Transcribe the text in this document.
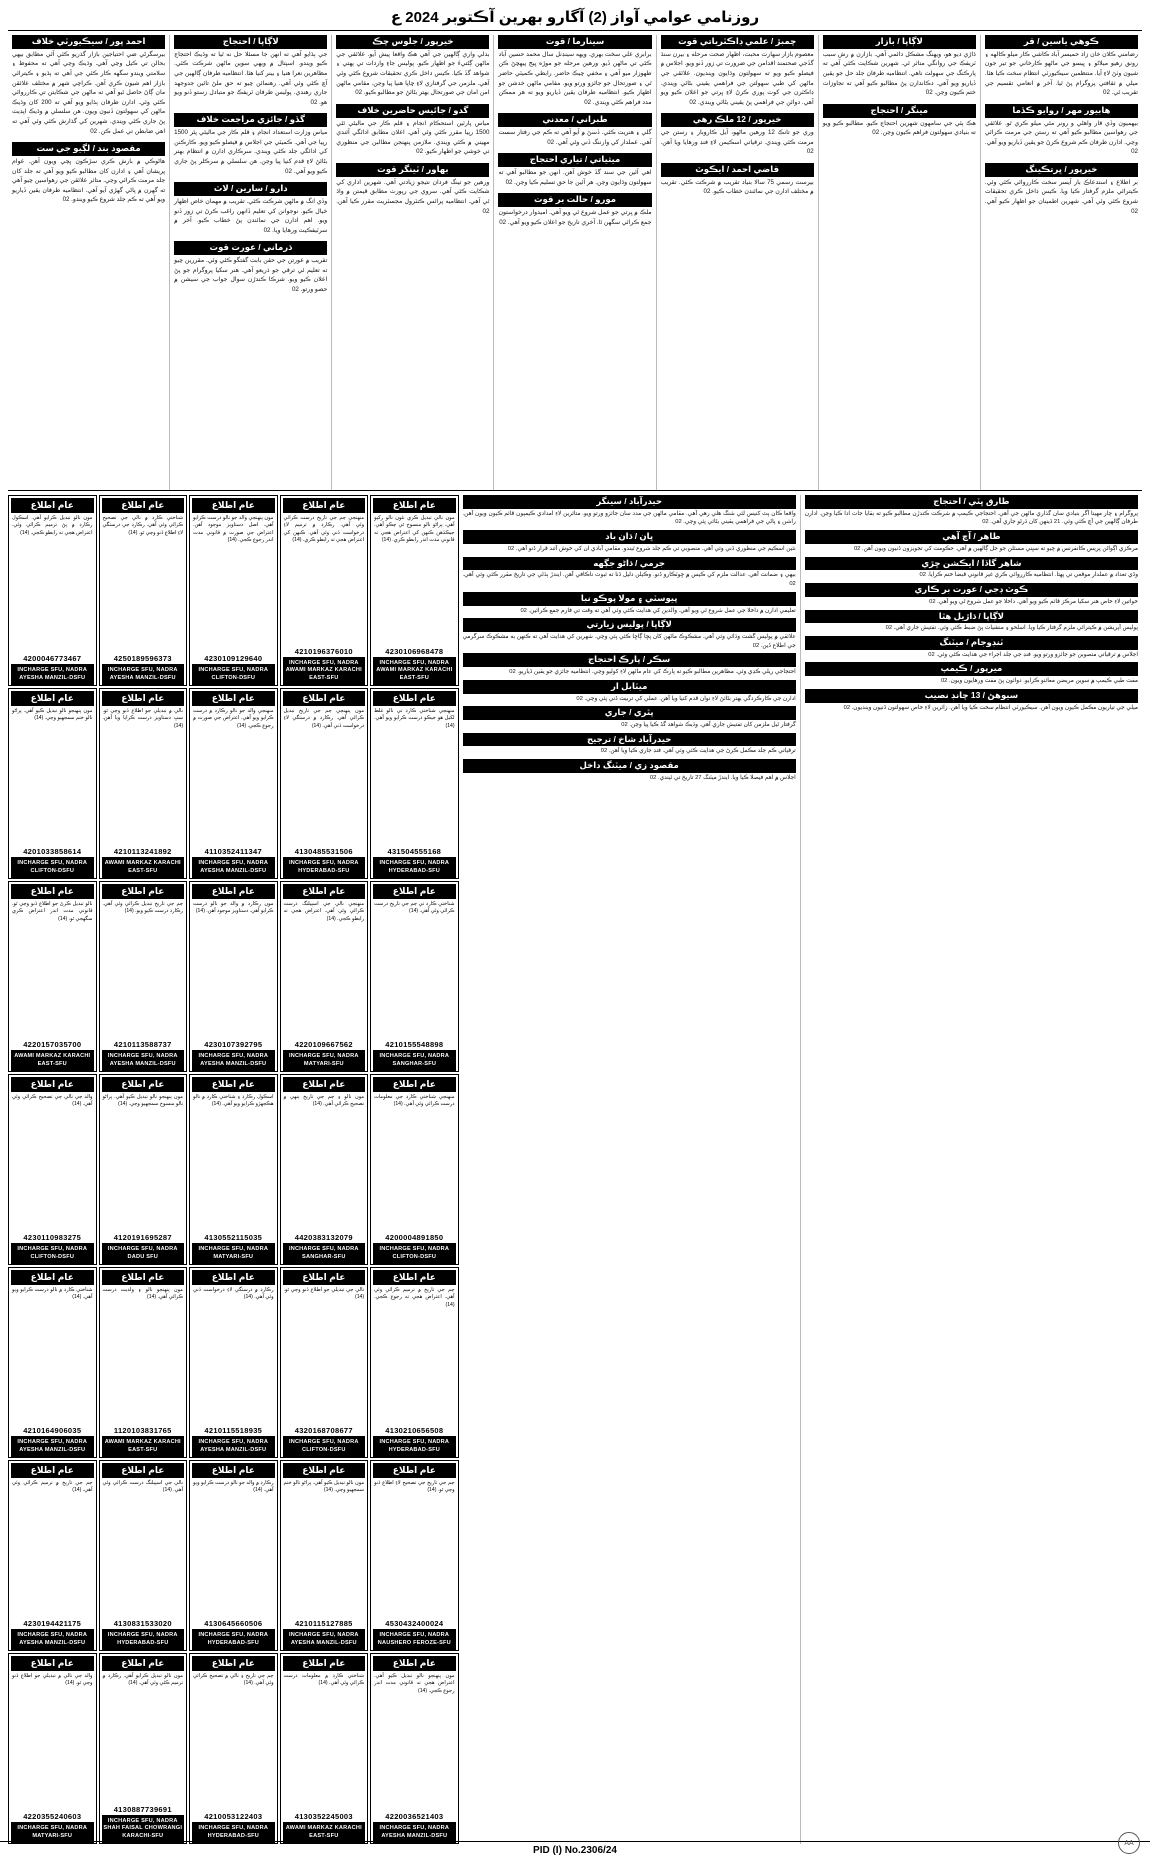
روزنامي عوامي آواز (2) آگارو بهرين آڪتوبر 2024 ع
ڪوهي ياسين / قر
رضامني ڪلان خان زاد حميسر آباد ڪاشي ڪار ميلو ڪالهه ۽ رونق رهيو ميلاڻو ۽ ڀيسو جي ماڻهو ڪارخاني جو تير جون شيون وٺڻ لاءِ آيا. منتظمين سيڪيورٽي انتظام سخت ڪيا هئا. ميلي ۾ ثقافتي پروگرام پڻ ٿيا. آخر ۾ انعامي تقسيم جي تقريب ٿي. 02
هابيور مهر / روايو ڪڏما
بيهميون وڏي قار واهڻي و رونر مٿي ميلو ڪري ٿو. علائقي جي رهواسين مطالبو ڪيو آهي ته رستن جي مرمت ڪرائي وڃي. ادارن طرفان ڪم شروع ڪرڻ جو يقين ڏياريو ويو آهي. 02
خيرپور / ڀرتڪينگ
بر اطلاع ۽ استدعاڪ بار آيسر سخت ڪارروائي ڪئي وئي. ڪيترائي ملزم گرفتار ڪيا ويا. ڪيس داخل ڪري تحقيقات شروع ڪئي وئي آهي. شهرين اطمينان جو اظهار ڪيو آهي. 02
لاڳاپا / بازار
ڌاڙي ديو هو، ويهنگ مشڪل دائمي آهي. بازارن ۾ رش سبب ٽريفڪ جي روانگي متاثر ٿي. شهرين شڪايت ڪئي آهي ته پارڪنگ جي سهولت ناهي. انتظاميه طرفان جلد حل جو يقين ڏياريو ويو آهي. دڪاندارن پڻ مطالبو ڪيو آهي ته تجاوزات ختم ڪيون وڃن. 02
مينگر / احتجاج
هڪ ٻئي جي سامهون شهرين احتجاج ڪيو. مطالبو ڪيو ويو ته بنيادي سهولتون فراهم ڪيون وڃن. 02
چمبڙ / علمي ڊاڪٽرياتي قوت
معصوم بازار سهارت محبت، اظهار صحت مرحله ۽ بيرن سنڌ گڏجي صحتمند اقدامن جي ضرورت تي زور ڏنو ويو. اجلاس ۾ فيصلو ڪيو ويو ته سهولتون وڌايون وينديون. علائقي جي ماڻهن کي طبي سهولتن جي فراهمي يقيني بڻائي ويندي. ڊاڪٽرن جي کوٽ پوري ڪرڻ لاءِ ڀرتي جو اعلان ڪيو ويو آهي. دوائن جي فراهمي پڻ يقيني بڻائي ويندي. 02
خيرپور / 12 ملڪ رهي
وري جو تانڪ 12 ورهين ماڻهو، آيل ڪاروبار ۽ رستن جي مرمت ڪئي ويندي. ترقياتي اسڪيمن لاءِ فنڊ ورهايا ويا آهن. 02
قاضي احمد / ايڪوٽ
بيرسٽ رسمي 75 سالا بنياد تقريب ۾ شرڪت ڪئي. تقريب ۾ مختلف ادارن جي نمائندن خطاب ڪيو. 02
سينارما / قوت
برابري علي سخت بهري. ويهه سينڊنل سال محمد حسين آباد ڪئي تي ماڻهن ڏيو. ورهين مرحله جو موڙه ڀيج پيهچڻ ڪن طهوزار ميو آهي ۽ مخفي چيڪ حاضر. رابطي ڪميٽي حاضر ٿي ۽ صورتحال جو جائزو ورتو ويو. مقامي ماڻهن خدشن جو اظهار ڪيو. انتظاميه طرفان يقين ڏياريو ويو ته هر ممڪن مدد فراهم ڪئي ويندي. 02
طبراني / معدني
گلي ۽ هنريت ڪئي. ڏسڻ ۾ آيو آهي ته ڪم جي رفتار سست آهي. عملدار کي وارننگ ڏني وئي آهي. 02
ميثياتي / تياري احتجاج
اهي آئين جي سند گڏ خوش آهن. انهن جو مطالبو آهي ته سهولتون وڌايون وڃن. هر آئين جا حق تسليم ڪيا وڃن. 02
مورو / حالت بر قوت
ملڪ ۾ ڀرتي جو عمل شروع ٿي ويو آهي. اميدوار درخواستون جمع ڪرائي سگهن ٿا. آخري تاريخ جو اعلان ڪيو ويو آهي. 02
خيرپور / جلوس چڪ
بدلي واري ڳالهين جي آهي هڪ واقعا پيش آيو. علائقي جي ماڻهن ڳڻتيءَ جو اظهار ڪيو. پوليس جاءِ واردات تي پهتي ۽ شواهد گڏ ڪيا. ڪيس داخل ڪري تحقيقات شروع ڪئي وئي آهي. ملزمن جي گرفتاري لاءِ ڇاپا هنيا پيا وڃن. مقامي ماڻهن امن امان جي صورتحال بهتر بڻائڻ جو مطالبو ڪيو. 02
گدو / جائيس حاضرين خلاف
مياس پارٽين استحڪام انجام ۽ قلم ڪار جي ماليٿي ٿئي 1500 رپيا مقرر ڪئي وئي آهي. اعلان مطابق ادائگي آئندي مهيني ۾ ڪئي ويندي. ملازمن پنهنجن مطالبن جي منظوري تي خوشي جو اظهار ڪيو. 02
بهاور / ٽينگر قوت
ورهين جو تينگ فردان نتيجو زيادتي آهي. شهرين اداري کي شڪايت ڪئي آهي. سروي جي رپورٽ مطابق قيمتن ۾ واڌ ٿي آهي. انتظاميه پرائس ڪنٽرول مجسٽريٽ مقرر ڪيا آهن. 02
لاڳاپا / احتجاج
جي ٻڌايو آهي ته انهن جا مسئلا حل نه ٿيا ته وڌيڪ احتجاج ڪيو ويندو. اسپتال ۾ ويهي سوين ماڻهن شرڪت ڪئي. مظاهرين نعرا هنيا ۽ بينر کنيا هئا. انتظاميه طرفان ڳالهين جي آڇ ڪئي وئي آهي. رهنمائن چيو ته حق ملڻ تائين جدوجهد جاري رهندي. پوليس طرفان ٽريفڪ جو متبادل رستو ڏنو ويو هو. 02
گڏو / جائزي مراجعت خلاف
مياس وزارت استعداد انجام ۽ قلم ڪار جي ماليٿي پٿر 1500 رپيا جي آهي. ڪميٽي جي اجلاس ۾ فيصلو ڪيو ويو. ڪارڪنن کي ادائگي جلد ڪئي ويندي. سرڪاري ادارن ۾ انتظام بهتر بڻائڻ لاءِ قدم کنيا پيا وڃن. هن سلسلي ۾ سرڪلر پڻ جاري ڪيو ويو آهي. 02
دارو / سارين / لاٽ
وڏي انگ ۾ ماڻهن شرڪت ڪئي. تقريب ۾ مهمان خاص اظهار خيال ڪيو. نوجوانن کي تعليم ڏانهن راغب ڪرڻ تي زور ڏنو ويو. اهم ادارن جي نمائندن پڻ خطاب ڪيو. آخر ۾ سرٽيفڪيٽ ورهايا ويا. 02
ڌرماني / عورت قوت
تقريب ۾ عورتن جي حقن بابت گفتگو ڪئي وئي. مقررين چيو ته تعليم ئي ترقي جو ذريعو آهي. هنر سکيا پروگرام جو پڻ اعلان ڪيو ويو. شرڪا ڪندڙن سوال جواب جي سيشن ۾ حصو ورتو. 02
احمد پور / سيڪيورٽي خلاف
بيرسگرڻي ضي احتياجين بازار گذريو ڪئي آئي مطابق بيهي بحالن تي ڪيل وڃي آهي. وڌيڪ وڃي آهي ته محفوظ ۽ سلامتي ويندو سگهه ڪار ڪئي جي آهي ته ٻڌيو ۽ ڪيترائي بازار اهم شيون ڪري آهن. ڪراچي شهر ۾ مختلف علائقن مان ڳاڻ حاصل ٿيو آهي ته ماڻهن جي شڪايتن تي ڪارروائي ڪئي وئي. ادارن طرفان ٻڌايو ويو آهي ته 200 کان وڌيڪ ماڻهن کي سهولتون ڏنيون ويون. هن سلسلي ۾ وڌيڪ اپڊيٽ پڻ جاري ڪئي ويندي. شهرين کي گذارش ڪئي وئي آهي ته اهي ضابطن تي عمل ڪن. 02
مقصود بند / لڳيو جي ست
هاڻوڪي ۾ بارش ڪري سڙڪون ڀڄي ويون آهن. عوام پريشان آهي ۽ ادارن کان مطالبو ڪيو ويو آهي ته جلد کان جلد مرمت ڪرائي وڃي. متاثر علائقن جي رهواسين چيو آهي ته گهرن ۾ پاڻي گهڙي آيو آهي. انتظاميه طرفان يقين ڏياريو ويو آهي ته ڪم جلد شروع ڪيو ويندو. 02
طارق ڀٽي / احتجاج
پروگرام ۽ چار مهينا آگر بنيادي سان گذاري ماڻهن جي آهي. احتجاجي ڪيمپ ۾ شرڪت ڪندڙن مطالبو ڪيو ته بقايا جات ادا ڪيا وڃن. ادارن طرفان ڳالهين جي آڇ ڪئي وئي. 21 ڏينهن کان ڌرڻو جاري آهي. 02
طاهر / آڇ آهي
مرڪزي اڳواڻن پريس ڪانفرنس ۾ چيو ته سڀني مسئلن جو حل ڳالهين ۾ آهي. حڪومت کي تجويزون ڏنيون ويون آهن. 02
شاهر گاڏا / ايڪشن ڇڙي
وڏي تعداد ۾ عملدار موقعي تي پهتا. انتظاميه ڪارروائي ڪري غير قانوني قبضا ختم ڪرايا. 02
ڪوٽ ڊجي / عورت بر ڪاري
خواتين لاءِ خاص هنر سکيا مرڪز قائم ڪيو ويو آهي. داخلا جو عمل شروع ٿي ويو آهي. 02
لاڳاپا / ڌاڙيل هٿا
پوليس آپريشن ۾ ڪيترائي ملزم گرفتار ڪيا ويا. اسلحو ۽ منشيات پڻ ضبط ڪئي وئي. تفتيش جاري آهي. 02
ٽنڊوجام / ميٽنگ
اجلاس ۾ ترقياتي منصوبن جو جائزو ورتو ويو. فنڊ جي جلد اجراء جي هدايت ڪئي وئي. 02
ميرپور / ڪيمپ
مفت طبي ڪيمپ ۾ سوين مريضن معائنو ڪرايو. دوائون پڻ مفت ورهايون ويون. 02
سيوهڻ / 13 چانڊ نصيب
ميلي جي تياريون مڪمل ڪيون ويون آهن. سيڪيورٽي انتظام سخت ڪيا ويا آهن. زائرين لاءِ خاص سهولتون ڏنيون وينديون. 02
حيدرآباد / سينگر
واقعا ڪان پٽ کنيس لئي شنگ هلي رهي آهي. مقامي ماڻهن جي مدد سان جائزو ورتو ويو. متاثرين لاءِ امدادي ڪيمپون قائم ڪيون ويون آهن. راشن ۽ پاڻي جي فراهمي يقيني بڻائي پئي وڃي. 02
ڀان / ڌان باد
نئين اسڪيم جي منظوري ڏني وئي آهي. منصوبي تي ڪم جلد شروع ٿيندو. مقامي آبادي ان کي خوش آئند قرار ڏنو آهي. 02
جرمي / ڌاڻو جڳهه
بيهي ۽ ضمانت آهي. عدالت ملزم کي ڪيس ۾ ڇوٽڪارو ڏنو. وڪيلن دليل ڏنا ته ثبوت ناڪافي آهن. ايندڙ ٻڌڻي جي تاريخ مقرر ڪئي وئي آهي. 02
پيوسٽي ۽ مولا پوڪو نبا
تعليمي ادارن ۾ داخلا جي عمل شروع ٿي ويو آهي. والدين کي هدايت ڪئي وئي آهي ته وقت تي فارم جمع ڪرائين. 02
لاڳاپا / پوليس زيارتي
علائقي ۾ پوليس گشت وڌائي وئي آهي. مشڪوڪ ماڻهن کان پڇا ڳاڇا ڪئي پئي وڃي. شهرين کي هدايت آهي ته ڪنهن به مشڪوڪ سرگرمي جي اطلاع ڏين. 02
سڪر / پارڪ احتجاج
احتجاجي ريلي ڪڍي وئي. مظاهرين مطالبو ڪيو ته پارڪ کي عام ماڻهن لاءِ کوليو وڃي. انتظاميه جائزي جو يقين ڏياريو. 02
ميٽابل ار
ادارن جي ڪارڪردگي بهتر بڻائڻ لاءِ نوان قدم کنيا ويا آهن. عملي کي تربيت ڏني پئي وڃي. 02
پٿري / جاري
گرفتار ٿيل ملزمن کان تفتيش جاري آهي. وڌيڪ شواهد گڏ ڪيا پيا وڃن. 02
حيدرآباد شاخ / ترجيح
ترقياتي ڪم جلد مڪمل ڪرڻ جي هدايت ڪئي وئي آهي. فنڊ جاري ڪيا ويا آهن. 02
مقصود زي / ميٽنگ داخل
اجلاس ۾ اهم فيصلا ڪيا ويا. ايندڙ ميٽنگ 27 تاريخ تي ٿيندي. 02
عام اطلاع
مون نالي تبديل ڪري نئون نالو رکيو آهي. پراڻو نالو منسوخ ٿي چڪو آهي. جيڪڏهن ڪنهن کي اعتراض هجي ته قانوني مدت اندر رابطو ڪري. (14)
4230106968478
INCHARGE SFU, NADRA AWAMI MARKAZ KARACHI EAST-SFU
عام اطلاع
منهنجي ڄم جي تاريخ درست ڪرائي وئي آهي. رڪارڊ ۾ ترميم لاءِ درخواست ڏني وئي آهي. ڪنهن کي اعتراض هجي ته رابطو ڪري. (14)
4210196376010
INCHARGE SFU, NADRA AWAMI MARKAZ KARACHI EAST-SFU
عام اطلاع
مون پنهنجي والد جو نالو درست ڪرايو آهي. اصل دستاويز موجود آهن. اعتراض جي صورت ۾ قانوني مدت اندر رجوع ڪجي. (14)
4230109129640
INCHARGE SFU, NADRA CLIFTON-DSFU
عام اطلاع
شناختي ڪارڊ ۾ نالي جي تصحيح ڪرائي وئي آهي. رڪارڊ جي درستگي لاءِ اطلاع ڏنو وڃي ٿو. (14)
4250189596373
INCHARGE SFU, NADRA AYESHA MANZIL-DSFU
عام اطلاع
مون نالو تبديل ڪرايو آهي. اسڪول رڪارڊ ۾ پڻ ترميم ڪرائي وئي. اعتراض هجي ته رابطو ڪجي. (14)
4200046773467
INCHARGE SFU, NADRA AYESHA MANZIL-DSFU
عام اطلاع
منهنجي شناختي ڪارڊ تي نالو غلط لکيل هو جيڪو درست ڪرايو ويو آهي. (14)
431504555168
INCHARGE SFU, NADRA HYDERABAD-SFU
عام اطلاع
مون پنهنجي ڄم جي تاريخ تبديل ڪرائي آهي. رڪارڊ ۾ درستگي لاءِ درخواست ڏني آهي. (14)
4130485531506
INCHARGE SFU, NADRA HYDERABAD-SFU
عام اطلاع
منهنجي والد جو نالو رڪارڊ ۾ درست ڪرايو ويو آهي. اعتراض جي صورت ۾ رجوع ڪجي. (14)
4110352411347
INCHARGE SFU, NADRA AYESHA MANZIL-DSFU
عام اطلاع
نالي ۾ تبديلي جو اطلاع ڏنو وڃي ٿو. سڀ دستاويز درست ڪرايا ويا آهن. (14)
4210113241892
AWAMI MARKAZ KARACHI EAST-SFU
عام اطلاع
مون پنهنجو نالو تبديل ڪيو آهي. پراڻو نالو ختم سمجهيو وڃي. (14)
4201033858614
INCHARGE SFU, NADRA CLIFTON-DSFU
عام اطلاع
شناختي ڪارڊ تي ڄم جي تاريخ درست ڪرائي وئي آهي. (14)
4210155548898
INCHARGE SFU, NADRA SANGHAR-SFU
عام اطلاع
منهنجي نالي جي اسپيلنگ درست ڪرائي وئي آهي. اعتراض هجي ته رابطو ڪجي. (14)
4220109667562
INCHARGE SFU, NADRA MATYARI-SFU
عام اطلاع
مون رڪارڊ ۾ والد جو نالو درست ڪرايو آهي. دستاويز موجود آهن. (14)
4230107392795
INCHARGE SFU, NADRA AYESHA MANZIL-DSFU
عام اطلاع
ڄم جي تاريخ تبديل ڪرائي وئي آهي. رڪارڊ درست ڪيو ويو. (14)
4210113588737
INCHARGE SFU, NADRA AYESHA MANZIL-DSFU
عام اطلاع
نالو تبديل ڪرڻ جو اطلاع ڏنو وڃي ٿو. قانوني مدت اندر اعتراض ڪري سگهجي ٿو. (14)
4220157035700
AWAMI MARKAZ KARACHI EAST-SFU
عام اطلاع
منهنجي شناختي ڪارڊ جي معلومات درست ڪرائي وئي آهي. (14)
4200004891850
INCHARGE SFU, NADRA CLIFTON-DSFU
عام اطلاع
مون نالو ۽ ڄم جي تاريخ ٻنهي ۾ تصحيح ڪرائي آهي. (14)
4420383132079
INCHARGE SFU, NADRA SANGHAR-SFU
عام اطلاع
اسڪول رڪارڊ ۽ شناختي ڪارڊ ۾ نالو هڪجهڙو ڪرايو ويو آهي. (14)
4130552115035
INCHARGE SFU, NADRA MATYARI-SFU
عام اطلاع
مون پنهنجو نالو تبديل ڪيو آهي. پراڻو نالو منسوخ سمجهيو وڃي. (14)
4120191695287
INCHARGE SFU, NADRA DADU SFU
عام اطلاع
والد جي نالي جي تصحيح ڪرائي وئي آهي. (14)
4230110983275
INCHARGE SFU, NADRA CLIFTON-DSFU
عام اطلاع
ڄم جي تاريخ ۾ ترميم ڪرائي وئي آهي. اعتراض هجي ته رجوع ڪجي. (14)
4130210656508
INCHARGE SFU, NADRA HYDERABAD-SFU
عام اطلاع
نالي جي تبديلي جو اطلاع ڏنو وڃي ٿو. (14)
4320168708677
INCHARGE SFU, NADRA CLIFTON-DSFU
عام اطلاع
رڪارڊ ۾ درستگي لاءِ درخواست ڏني وئي آهي. (14)
4210115518935
INCHARGE SFU, NADRA AYESHA MANZIL-DSFU
عام اطلاع
مون پنهنجو نالو ۽ ولديت درست ڪرائي آهي. (14)
1120103831765
AWAMI MARKAZ KARACHI EAST-SFU
عام اطلاع
شناختي ڪارڊ ۾ نالو درست ڪرايو ويو آهي. (14)
4210164906035
INCHARGE SFU, NADRA AYESHA MANZIL-DSFU
عام اطلاع
ڄم جي تاريخ جي تصحيح لاءِ اطلاع ڏنو وڃي ٿو. (14)
4530432400024
INCHARGE SFU, NADRA NAUSHERO FEROZE-SFU
عام اطلاع
مون نالو تبديل ڪيو آهي. پراڻو نالو ختم سمجهيو وڃي. (14)
4210115127885
INCHARGE SFU, NADRA AYESHA MANZIL-DSFU
عام اطلاع
رڪارڊ ۾ والد جو نالو درست ڪرايو ويو آهي. (14)
4130645660506
INCHARGE SFU, NADRA HYDERABAD-SFU
عام اطلاع
نالي جي اسپيلنگ درست ڪرائي وئي آهي. (14)
4130831533020
INCHARGE SFU, NADRA HYDERABAD-SFU
عام اطلاع
ڄم جي تاريخ ۾ ترميم ڪرائي وئي آهي. (14)
4230194421175
INCHARGE SFU, NADRA AYESHA MANZIL-DSFU
عام اطلاع
مون پنهنجو نالو تبديل ڪيو آهي. اعتراض هجي ته قانوني مدت اندر رجوع ڪجي. (14)
4220036521403
INCHARGE SFU, NADRA AYESHA MANZIL-DSFU
عام اطلاع
شناختي ڪارڊ ۾ معلومات درست ڪرائي وئي آهي. (14)
4130352245003
AWAMI MARKAZ KARACHI EAST-SFU
عام اطلاع
ڄم جي تاريخ ۽ نالي ۾ تصحيح ڪرائي وئي آهي. (14)
4210053122403
INCHARGE SFU, NADRA HYDERABAD-SFU
عام اطلاع
مون نالو تبديل ڪرايو آهي. رڪارڊ ۾ ترميم ڪئي وئي آهي. (14)
4130887739691
INCHARGE SFU, NADRA SHAH FAISAL CHOWRANGI KARACHI-SFU
عام اطلاع
والد جي نالي ۾ تبديلي جو اطلاع ڏنو وڃي ٿو. (14)
4220355240603
INCHARGE SFU, NADRA MATYARI-SFU
PID (I) No.2306/24
AA
